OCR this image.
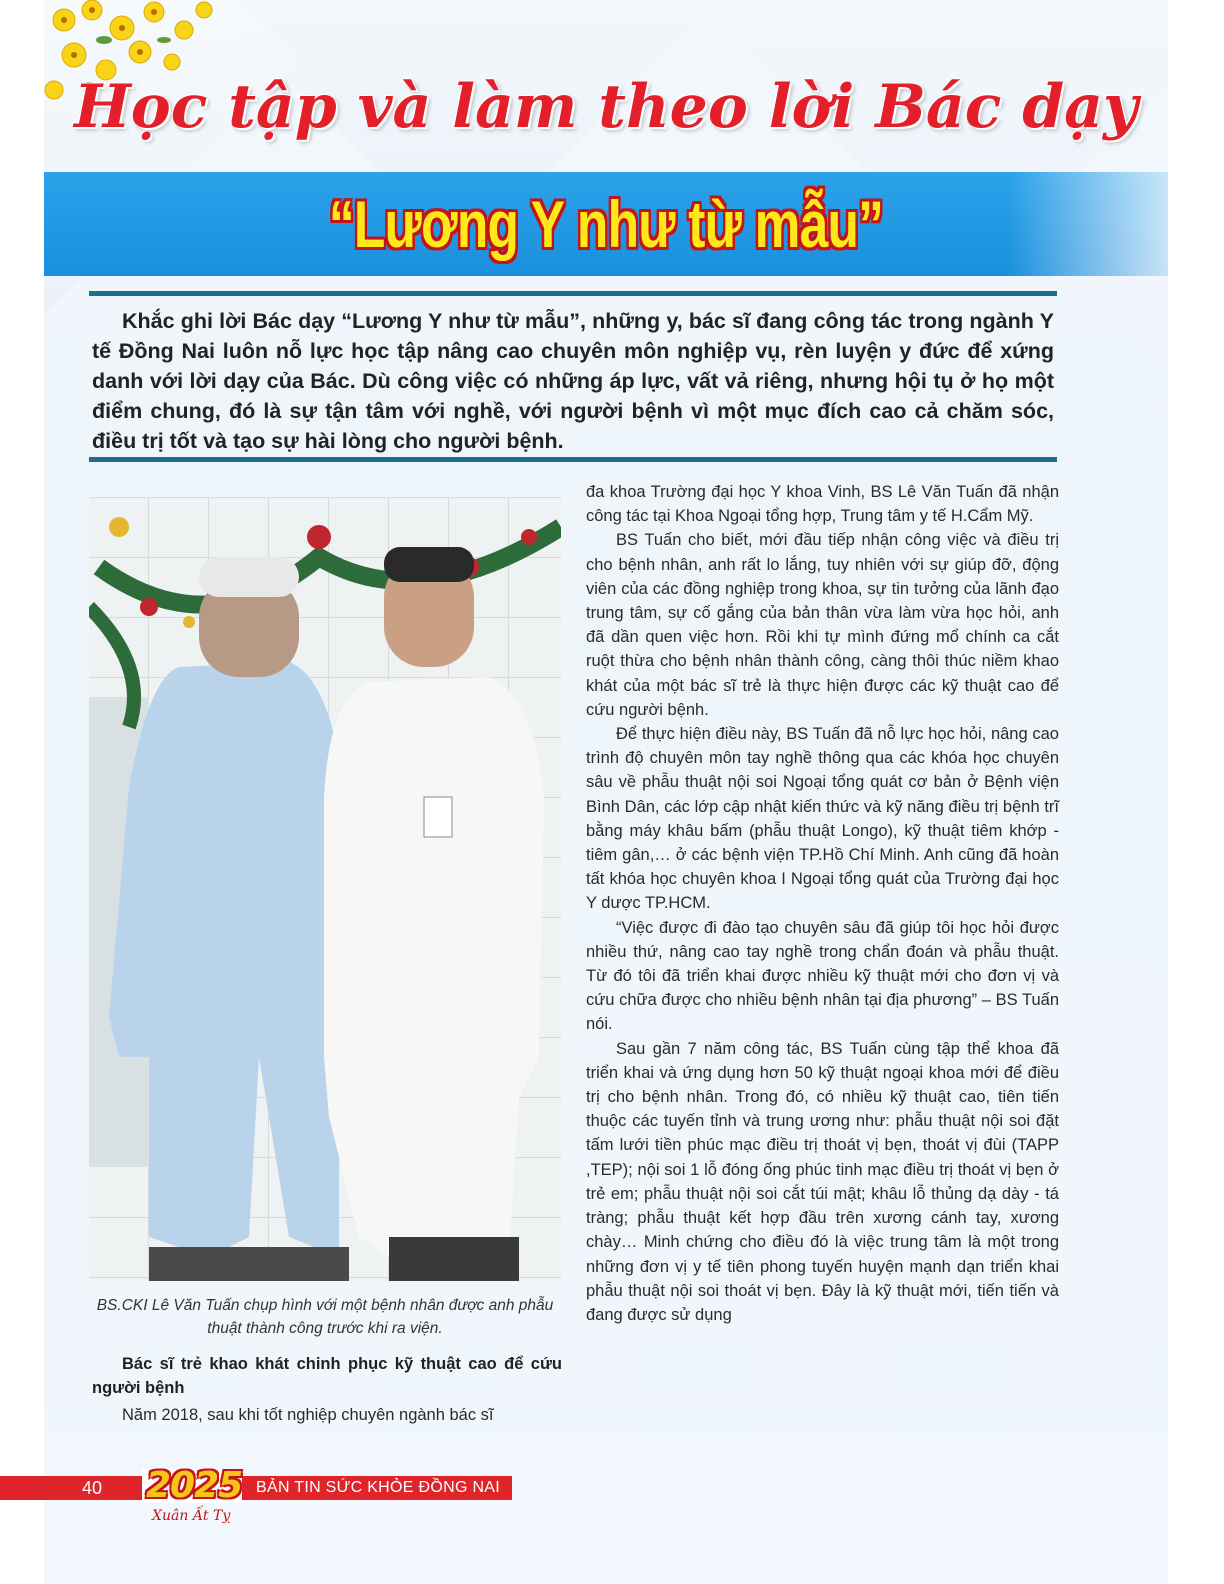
Học tập và làm theo lời Bác dạy
“Lương Y như từ mẫu”
Khắc ghi lời Bác dạy “Lương Y như từ mẫu”, những y, bác sĩ đang công tác trong ngành Y tế Đồng Nai luôn nỗ lực học tập nâng cao chuyên môn nghiệp vụ, rèn luyện y đức để xứng danh với lời dạy của Bác. Dù công việc có những áp lực, vất vả riêng, nhưng hội tụ ở họ một điểm chung, đó là sự tận tâm với nghề, với người bệnh vì một mục đích cao cả chăm sóc, điều trị tốt và tạo sự hài lòng cho người bệnh.
BS.CKI Lê Văn Tuấn chụp hình với một bệnh nhân được anh phẫu thuật thành công trước khi ra viện.
Bác sĩ trẻ khao khát chinh phục kỹ thuật cao để cứu người bệnh
Năm 2018, sau khi tốt nghiệp chuyên ngành bác sĩ

đa khoa Trường đại học Y khoa Vinh, BS Lê Văn Tuấn đã nhận công tác tại Khoa Ngoại tổng hợp, Trung tâm y tế H.Cẩm Mỹ.

BS Tuấn cho biết, mới đầu tiếp nhận công việc và điều trị cho bệnh nhân, anh rất lo lắng, tuy nhiên với sự giúp đỡ, động viên của các đồng nghiệp trong khoa, sự tin tưởng của lãnh đạo trung tâm, sự cố gắng của bản thân vừa làm vừa học hỏi, anh đã dần quen việc hơn. Rồi khi tự mình đứng mổ chính ca cắt ruột thừa cho bệnh nhân thành công, càng thôi thúc niềm khao khát của một bác sĩ trẻ là thực hiện được các kỹ thuật cao để cứu người bệnh.

Để thực hiện điều này, BS Tuấn đã nỗ lực học hỏi, nâng cao trình độ chuyên môn tay nghề thông qua các khóa học chuyên sâu về phẫu thuật nội soi Ngoại tổng quát cơ bản ở Bệnh viện Bình Dân, các lớp cập nhật kiến thức và kỹ năng điều trị bệnh trĩ bằng máy khâu bấm (phẫu thuật Longo), kỹ thuật tiêm khớp - tiêm gân,… ở các bệnh viện TP.Hồ Chí Minh. Anh cũng đã hoàn tất khóa học chuyên khoa I Ngoại tổng quát của Trường đại học Y dược TP.HCM.

“Việc được đi đào tạo chuyên sâu đã giúp tôi học hỏi được nhiều thứ, nâng cao tay nghề trong chẩn đoán và phẫu thuật. Từ đó tôi đã triển khai được nhiều kỹ thuật mới cho đơn vị và cứu chữa được cho nhiều bệnh nhân tại địa phương” – BS Tuấn nói.

Sau gần 7 năm công tác, BS Tuấn cùng tập thể khoa đã triển khai và ứng dụng hơn 50 kỹ thuật ngoại khoa mới để điều trị cho bệnh nhân. Trong đó, có nhiều kỹ thuật cao, tiên tiến thuộc các tuyến tỉnh và trung ương như: phẫu thuật nội soi đặt tấm lưới tiền phúc mạc điều trị thoát vị bẹn, thoát vị đùi (TAPP ,TEP); nội soi 1 lỗ đóng ống phúc tinh mạc điều trị thoát vị bẹn ở trẻ em; phẫu thuật nội soi cắt túi mật; khâu lỗ thủng dạ dày - tá tràng; phẫu thuật kết hợp đầu trên xương cánh tay, xương chày… Minh chứng cho điều đó là việc trung tâm là một trong những đơn vị y tế tiên phong tuyến huyện mạnh dạn triển khai phẫu thuật nội soi thoát vị bẹn. Đây là kỹ thuật mới, tiến tiến và đang được sử dụng

40 2025
Xuân Ất Tỵ
BẢN TIN SỨC KHỎE ĐỒNG NAI
